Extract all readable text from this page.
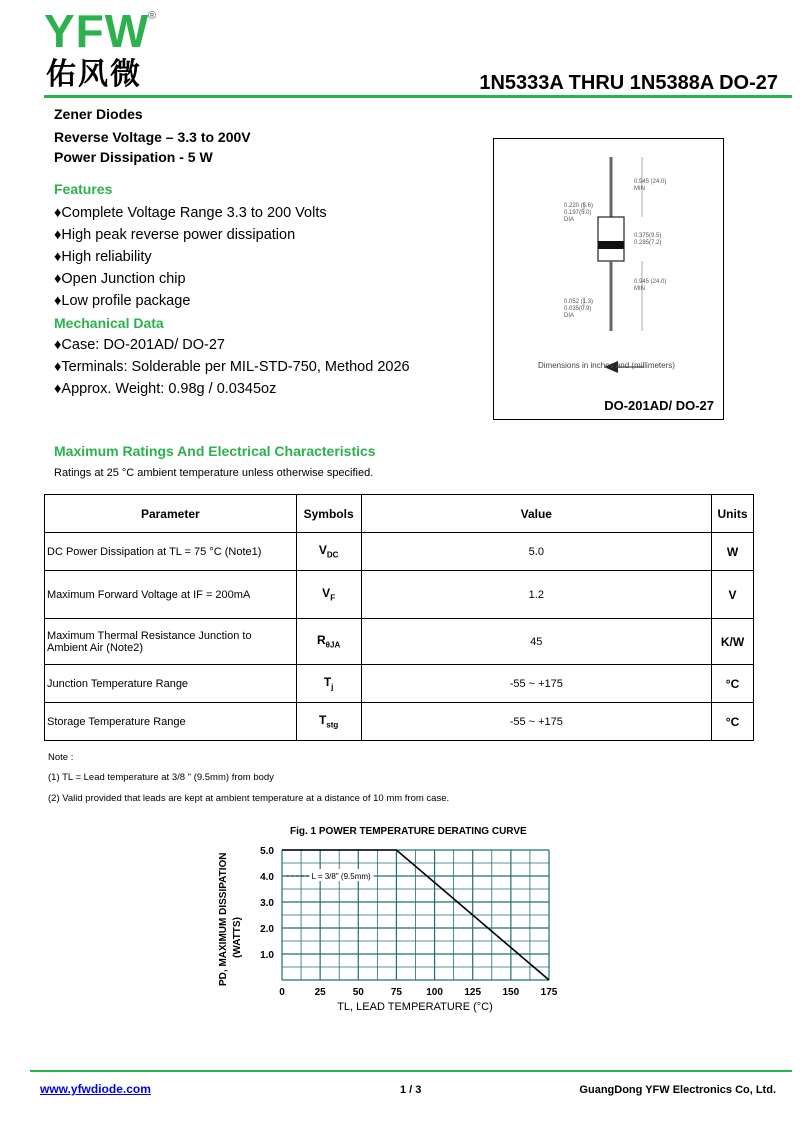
YFW
®
佑风微	1N5333A THRU 1N5388A DO-27
Zener Diodes
Reverse Voltage – 3.3 to 200V
Power Dissipation - 5 W
Features
♦Complete Voltage Range 3.3 to 200 Volts
♦High peak reverse power dissipation
♦High reliability
♦Open Junction chip
♦Low profile package
Mechanical Data
♦Case: DO-201AD/ DO-27
♦Terminals: Solderable per MIL-STD-750, Method 2026
♦Approx. Weight: 0.98g / 0.0345oz
0.945 (24.0)
MIN
0.220 (5.6)
0.197(5.0)
DIA
0.375(9.5)
0.285(7.2)
0.945 (24.0)
MIN
0.052 (1.3)
0.035(0.9)
DIA
Dimensions in inches and (millimeters)
DO-201AD/ DO-27
Maximum Ratings And Electrical Characteristics
Ratings at 25 °C ambient temperature unless otherwise specified.
Parameter	Symbols	Value	Units
DC Power Dissipation at TL = 75 °C (Note1)	$V_{DC}$	5.0	W
Maximum Forward Voltage at IF = 200mA	$V_F$	1.2	V
Maximum Thermal Resistance Junction to Ambient Air (Note2)	$R_{\theta JA}$	45	K/W
Junction Temperature Range	$T_j$	-55 ~ +175	°C
Storage Temperature Range	$T_{stg}$	-55 ~ +175	°C
Note :
(1) TL = Lead temperature at 3/8 " (9.5mm) from body
(2) Valid provided that leads are kept at ambient temperature at a distance of 10 mm from case.
Fig. 1 POWER TEMPERATURE DERATING CURVE
0	25	50	75 100 125 150 175
1.0
2.0
3.0
4.0
5.0
L = 3/8" (9.5mm)
PD, MAXIMUM DISSIPATION (WATTS)
TL, LEAD TEMPERATURE (°C)
www.yfwdiode.com	1 / 3	GuangDong YFW Electronics Co, Ltd.
